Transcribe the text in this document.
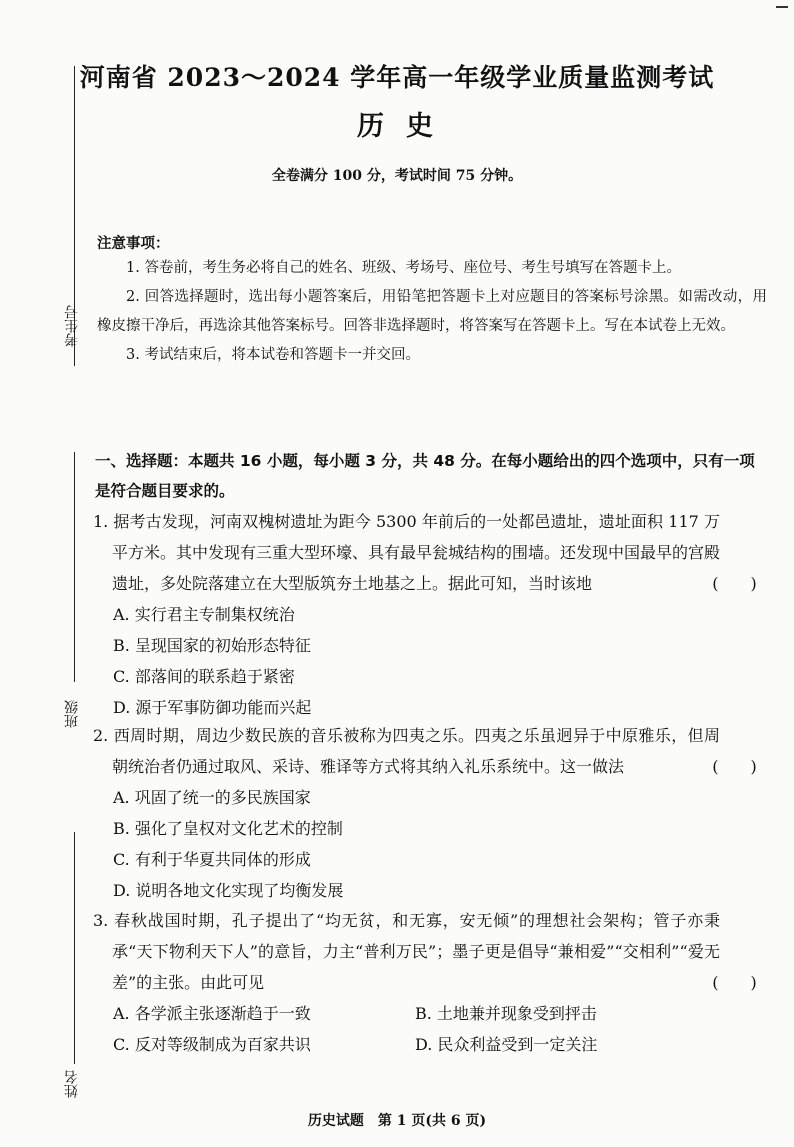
考生号
班级
姓名
河南省 2023～2024 学年高一年级学业质量监测考试
历史
全卷满分 100 分，考试时间 75 分钟。
注意事项：

1. 答卷前，考生务必将自己的姓名、班级、考场号、座位号、考生号填写在答题卡上。

2. 回答选择题时，选出每小题答案后，用铅笔把答题卡上对应题目的答案标号涂黑。如需改动，用橡皮擦干净后，再选涂其他答案标号。回答非选择题时，将答案写在答题卡上。写在本试卷上无效。

3. 考试结束后，将本试卷和答题卡一并交回。

一、选择题：本题共 16 小题，每小题 3 分，共 48 分。在每小题给出的四个选项中，只有一项是符合题目要求的。

(　　)
1. 据考古发现，河南双槐树遗址为距今 5300 年前后的一处都邑遗址，遗址面积 117 万平方米。其中发现有三重大型环壕、具有最早瓮城结构的围墙。还发现中国最早的宫殿遗址，多处院落建立在大型版筑夯土地基之上。据此可知，当时该地

A. 实行君主专制集权统治

B. 呈现国家的初始形态特征

C. 部落间的联系趋于紧密

D. 源于军事防御功能而兴起

(　　)
2. 西周时期，周边少数民族的音乐被称为四夷之乐。四夷之乐虽迥异于中原雅乐，但周朝统治者仍通过取风、采诗、雅译等方式将其纳入礼乐系统中。这一做法

A. 巩固了统一的多民族国家

B. 强化了皇权对文化艺术的控制

C. 有利于华夏共同体的形成

D. 说明各地文化实现了均衡发展

(　　)
3. 春秋战国时期，孔子提出了“均无贫，和无寡，安无倾”的理想社会架构；管子亦秉承“天下物利天下人”的意旨，力主“普利万民”；墨子更是倡导“兼相爱”“交相利”“爱无差”的主张。由此可见

A. 各学派主张逐渐趋于一致	B. 土地兼并现象受到抨击
C. 反对等级制成为百家共识	D. 民众利益受到一定关注
历史试题　第 1 页(共 6 页)
